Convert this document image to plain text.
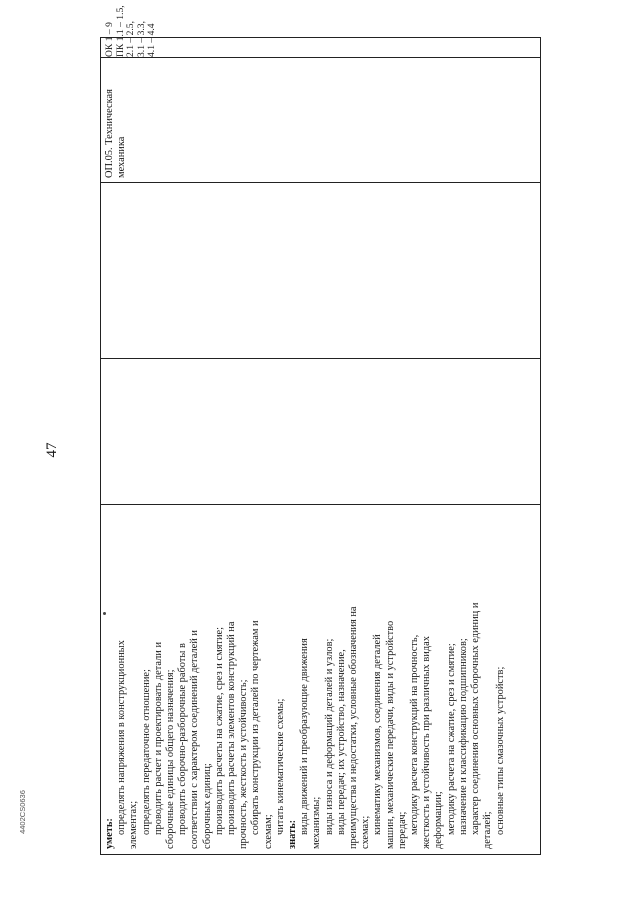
47
4402CS0636	уметь: определять напряжения в конструкционных элементах; определять передаточное отношение; проводить расчет и проектировать детали и сборочные единицы общего назначения; проводить сборочно-разборочные работы в соответствии с характером соединений деталей и сборочных единиц; производить расчеты на сжатие, срез и смятие; производить расчеты элементов конструкций на прочность, жесткость и устойчивость; собирать конструкции из деталей по чертежам и схемам; читать кинематические схемы; знать: виды движений и преобразующие движения механизмы; виды износа и деформаций деталей и узлов; виды передач; их устройство, назначение, преимущества и недостатки, условные обозначения на схемах; кинематику механизмов, соединения деталей машин, механические передачи, виды и устройство передач; методику расчета конструкций на прочность, жесткость и устойчивость при различных видах деформации; методику расчета на сжатие, срез и смятие; назначение и классификацию подшипников; характер соединения основных сборочных единиц и деталей; основные типы смазочных устройств;
ОП.05. Техническая механика
ОК 1 – 9 ПК 1.1 – 1.5, 2.1 – 2.5, 3.1 – 3.3, 4.1 – 4.4
